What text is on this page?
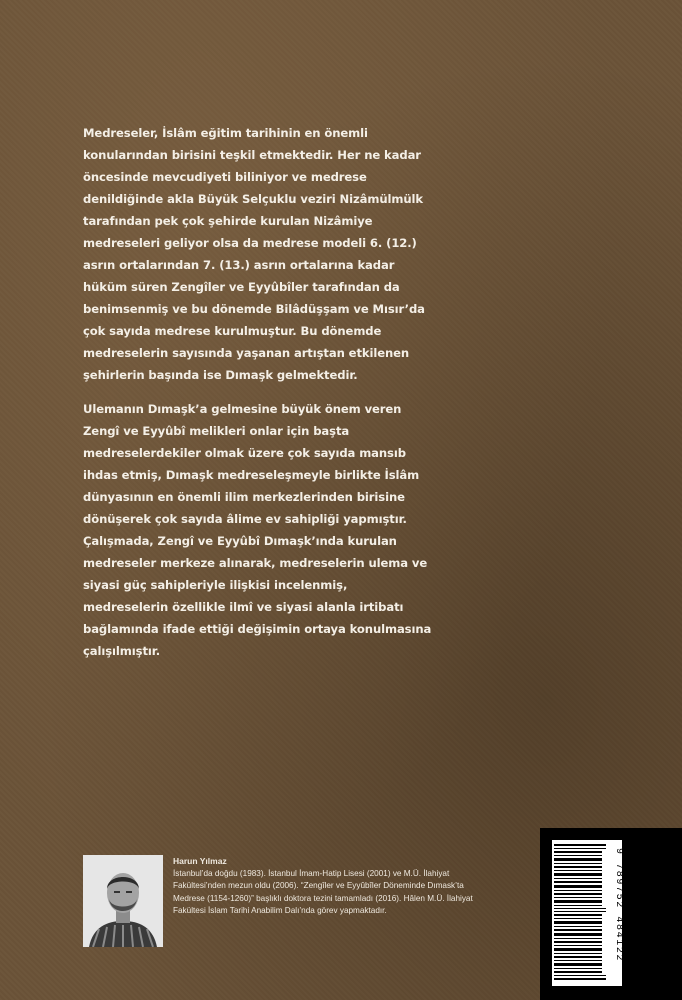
Medreseler, İslâm eğitim tarihinin en önemli konularından birisini teşkil etmektedir. Her ne kadar öncesinde mevcudiyeti biliniyor ve medrese denildiğinde akla Büyük Selçuklu veziri Nizâmülmülk tarafından pek çok şehirde kurulan Nizâmiye medreseleri geliyor olsa da medrese modeli 6. (12.) asrın ortalarından 7. (13.) asrın ortalarına kadar hüküm süren Zengîler ve Eyyûbîler tarafından da benimsenmiş ve bu dönemde Bilâdüşşam ve Mısır’da çok sayıda medrese kurulmuştur. Bu dönemde medreselerin sayısında yaşanan artıştan etkilenen şehirlerin başında ise Dımaşk gelmektedir.

Ulemanın Dımaşk’a gelmesine büyük önem veren Zengî ve Eyyûbî melikleri onlar için başta medreselerdekiler olmak üzere çok sayıda mansıb ihdas etmiş, Dımaşk medreseleşmeyle birlikte İslâm dünyasının en önemli ilim merkezlerinden birisine dönüşerek çok sayıda âlime ev sahipliği yapmıştır. Çalışmada, Zengî ve Eyyûbî Dımaşk’ında kurulan medreseler merkeze alınarak, medreselerin ulema ve siyasi güç sahipleriyle ilişkisi incelenmiş, medreselerin özellikle ilmî ve siyasi alanla irtibatı bağlamında ifade ettiği değişimin ortaya konulmasına çalışılmıştır.

Harun Yılmaz
İstanbul’da doğdu (1983). İstanbul İmam-Hatip Lisesi (2001) ve M.Ü. İlahiyat Fakültesi’nden mezun oldu (2006). “Zengîler ve Eyyûbîler Döneminde Dımask’ta Medrese (1154-1260)” başlıklı doktora tezini tamamladı (2016). Hâlen M.Ü. İlahiyat Fakültesi İslam Tarihi Anabilim Dalı’nda görev yapmaktadır.	9 789752 484122
